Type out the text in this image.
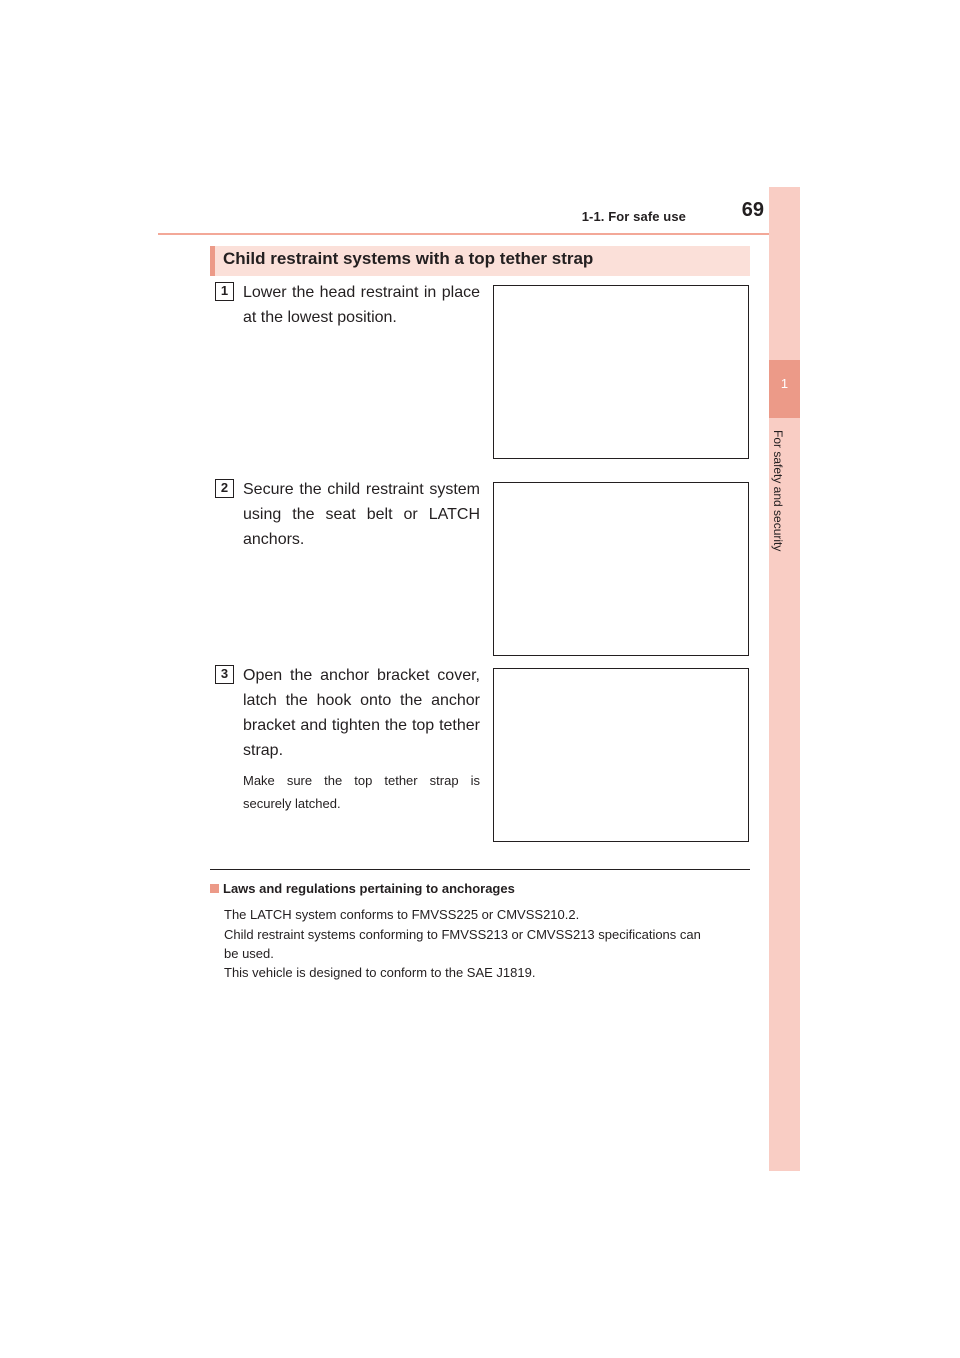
1-1. For safe use	69
1
For safety and security
Child restraint systems with a top tether strap
1 Lower the head restraint in place
at the lowest position.
2 Secure the child restraint system
using the seat belt or LATCH
anchors.
3 Open the anchor bracket cover,
latch the hook onto the anchor
bracket and tighten the top tether
strap.
Make sure the top tether strap is
securely latched.
Laws and regulations pertaining to anchorages
The LATCH system conforms to FMVSS225 or CMVSS210.2.
Child restraint systems conforming to FMVSS213 or CMVSS213 specifications can
be used.
This vehicle is designed to conform to the SAE J1819.
